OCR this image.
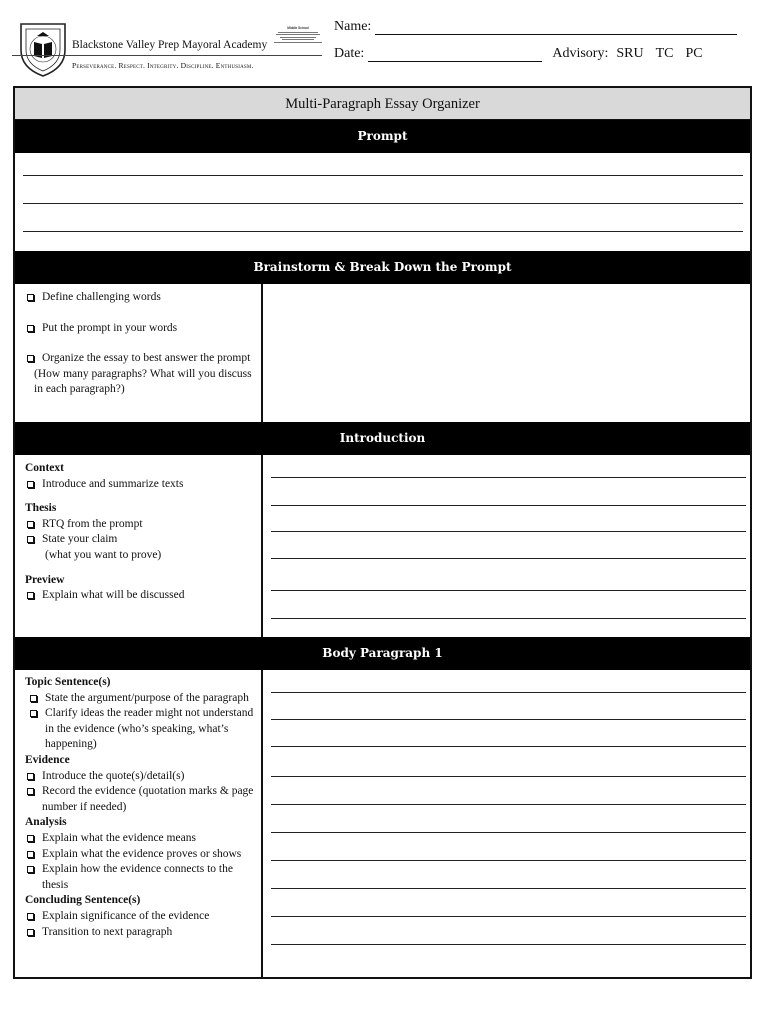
Middle School
Blackstone Valley Prep Mayoral Academy
Perseverance. Respect. Integrity. Discipline. Enthusiasm.
Name:
Date:	Advisory: SRU TC PC
Multi-Paragraph Essay Organizer
Prompt
Brainstorm & Break Down the Prompt
Define challenging words
Put the prompt in your words
Organize the essay to best answer the prompt
(How many paragraphs? What will you discuss in each paragraph?)
Introduction
Context
Introduce and summarize texts
Thesis
RTQ from the prompt
State your claim
(what you want to prove)
Preview
Explain what will be discussed
Body Paragraph 1
Topic Sentence(s)
State the argument/purpose of the paragraph
Clarify ideas the reader might not understand in the evidence (who’s speaking, what’s happening)
Evidence
Introduce the quote(s)/detail(s)
Record the evidence (quotation marks & page number if needed)
Analysis
Explain what the evidence means
Explain what the evidence proves or shows
Explain how the evidence connects to the thesis
Concluding Sentence(s)
Explain significance of the evidence
Transition to next paragraph
